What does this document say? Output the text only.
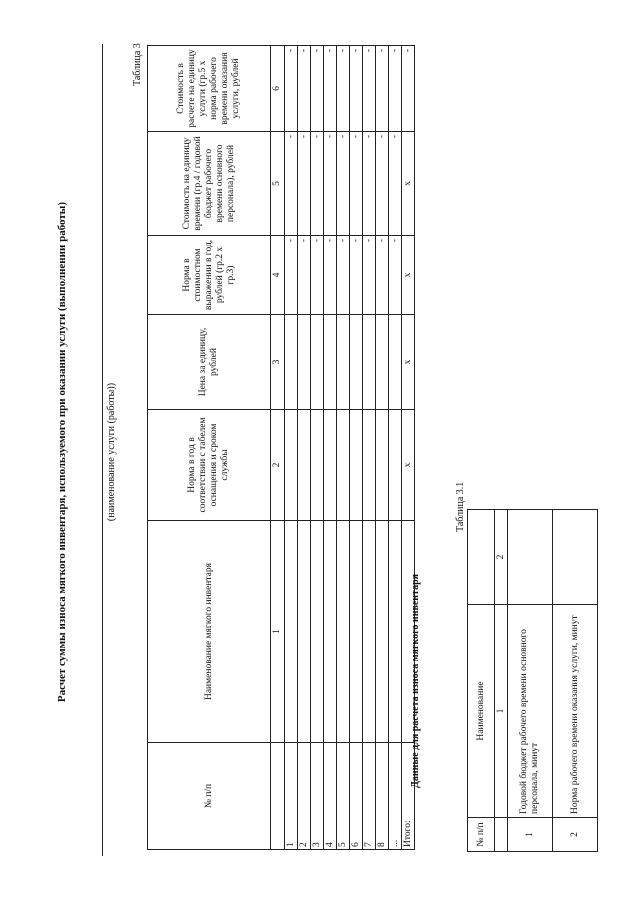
Расчет суммы износа мягкого инвентаря, используемого при оказании услуги (выполнении работы)	(наименование услуги (работы))
Таблица 3
№ п/п	Наименование мягкого инвентаря	Норма в год в соответствии с табелем оснащения и сроком службы	Цена за единицу, рублей	Норма в стоимостном выражении в год, рублей (гр.2 х гр.3)	Стоимость на единицу времени (гр.4 / годовой бюджет рабочего времени основного персонала), рублей	Стоимость в расчете на единицу услуги (гр.5 х норма рабочего времени оказания услуги, рублей
	1	2	3	4	5	6
1				-	-	-
2				-	-	-
3				-	-	-
4				-	-	-
5				-	-	-
6				-	-	-
7				-	-	-
8				-	-	-
...				-	-	-
Итого:		х	х	х	х	-
Данные для расчета износа мягкого инвентаря
Таблица 3.1
№ п/п	Наименование	
	1	2
1	Годовой бюджет рабочего времени основного персонала, минут	
2	Норма рабочего времени оказания услуги, минут	
